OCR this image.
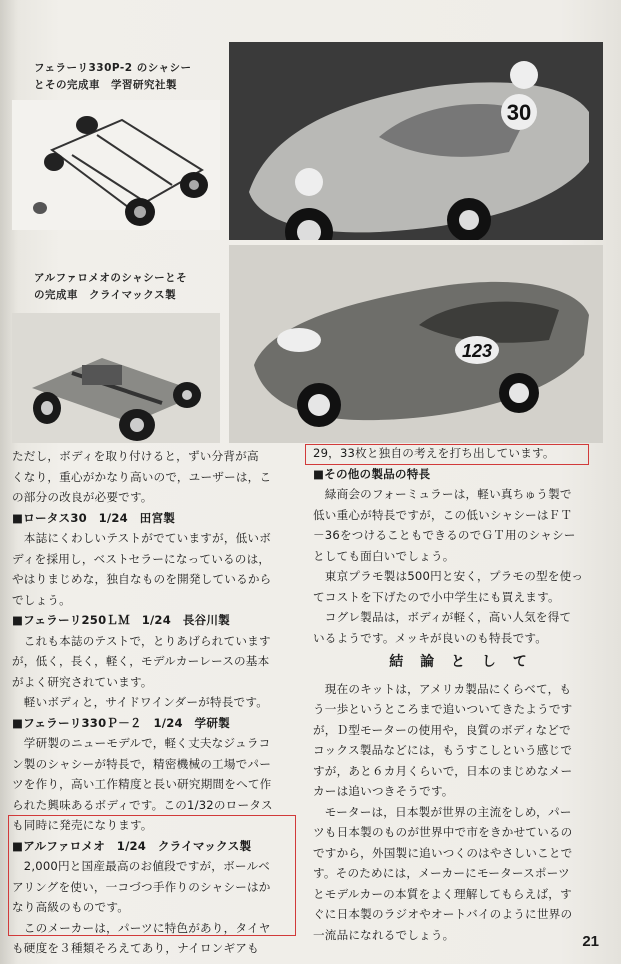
フェラーリ330P-2 のシャシー
とその完成車　学習研究社製
30
アルファロメオのシャシーとそ
の完成車　クライマックス製
123

ただし，ボディを取り付けると，ずい分背が高

くなり，重心がかなり高いので，ユーザーは，こ

の部分の改良が必要です。

■ロータス30　1/24　田宮製

　本誌にくわしいテストがでていますが，低いボ

ディを採用し，ベストセラーになっているのは，

やはりまじめな，独自なものを開発しているから

でしょう。

■フェラーリ250ＬＭ　1/24　長谷川製

　これも本誌のテストで，とりあげられています

が，低く，長く，軽く，モデルカーレースの基本

がよく研究されています。

　軽いボディと，サイドワインダーが特長です。

■フェラーリ330Ｐ－２　1/24　学研製

　学研製のニューモデルで，軽く丈夫なジュラコ

ン製のシャシーが特長で，精密機械の工場でパー

ツを作り，高い工作精度と長い研究期間をへて作

られた興味あるボディです。この1/32のロータス

も同時に発売になります。

■アルファロメオ　1/24　クライマックス製

　2,000円と国産最高のお値段ですが，ボールベ

アリングを使い，一コづつ手作りのシャシーはか

なり高級のものです。

　このメーカーは，パーツに特色があり，タイヤ

も硬度を３種類そろえてあり，ナイロンギアも

29，33枚と独自の考えを打ち出しています。

■その他の製品の特長

　緑商会のフォーミュラーは，軽い真ちゅう製で

低い重心が特長ですが，この低いシャシーはＦＴ

－36をつけることもできるのでＧＴ用のシャシー

としても面白いでしょう。

　東京プラモ製は500円と安く，プラモの型を使っ

てコストを下げたので小中学生にも買えます。

　コグレ製品は，ボディが軽く，高い人気を得て

いるようです。メッキが良いのも特長です。

結 論 と し て

　現在のキットは，アメリカ製品にくらべて，も

う一歩というところまで追いついてきたようです

が，Ｄ型モーターの使用や，良質のボディなどで

コックス製品などには，もうすこしという感じで

すが，あと６カ月くらいで，日本のまじめなメー

カーは追いつきそうです。

　モーターは，日本製が世界の主流をしめ，パー

ツも日本製のものが世界中で市をきかせているの

ですから，外国製に追いつくのはやさしいことで

す。そのためには，メーカーにモータースポーツ

とモデルカーの本質をよく理解してもらえば，す

ぐに日本製のラジオやオートバイのように世界の

一流品になれるでしょう。	21
